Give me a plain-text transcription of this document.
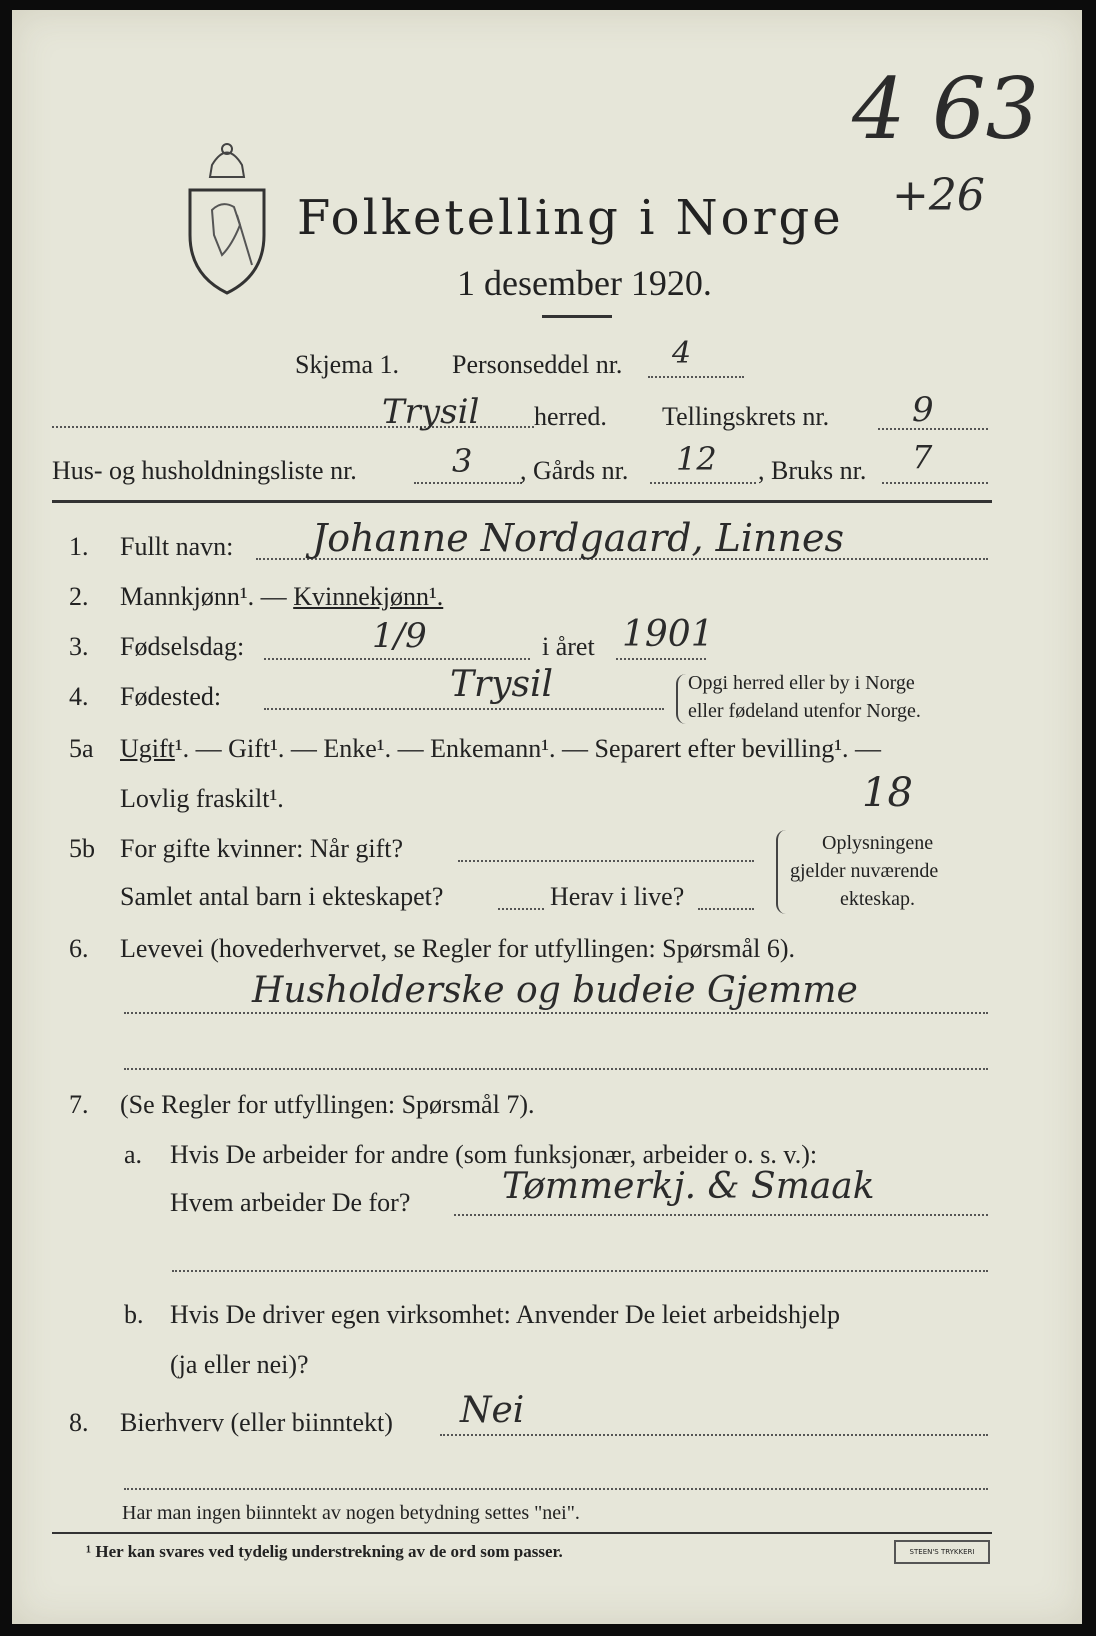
Folketelling i Norge
1 desember 1920.
4 63
+26
Skjema 1. Personseddel nr. 4
Trysil herred. Tellingskrets nr. 9
Hus- og husholdningsliste nr.	3 , Gårds nr. 12 , Bruks nr. 7
1. Fullt navn: Johanne Nordgaard, Linnes
2. Mannkjønn¹. — Kvinnekjønn¹.
3. Fødselsdag:	1/9	i året 1901
4. Fødested:	Trysil	Opgi herred eller by i Norge
eller fødeland utenfor Norge.
5a Ugift¹. — Gift¹. — Enke¹. — Enkemann¹. — Separert efter bevilling¹. —
Lovlig fraskilt¹.	18
5b For gifte kvinner: Når gift?
Samlet antal barn i ekteskapet?	Herav i live?
Oplysningene
gjelder nuværende
ekteskap.
6. Levevei (hovederhvervet, se Regler for utfyllingen: Spørsmål 6).
Husholderske og budeie Gjemme
7. (Se Regler for utfyllingen: Spørsmål 7).
a. Hvis De arbeider for andre (som funksjonær, arbeider o. s. v.):
Hvem arbeider De for?	Tømmerkj. & Smaak
b. Hvis De driver egen virksomhet: Anvender De leiet arbeidshjelp
(ja eller nei)?
8. Bierhverv (eller biinntekt) Nei
Har man ingen biinntekt av nogen betydning settes "nei".
¹ Her kan svares ved tydelig understrekning av de ord som passer.	STEEN'S TRYKKERI
